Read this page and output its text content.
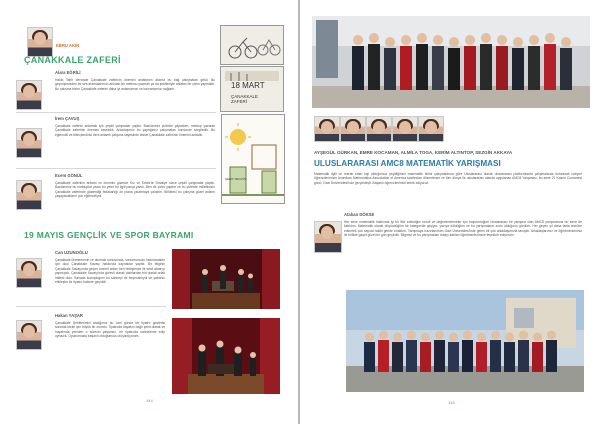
EBRU AKIN
ÇANAKKALE ZAFERİ
Alara EĞRİLİ
Hakkı Tarih dersinde Çanakkale zaferinin önemini anlatırken aklıma bu bağ çalışmaları geldi. Bu geçmişimizden bir ses aramalarımızı ablıdan bir metinsu yazmak ya da şekilleriyle anlatan bir çizim yapmaktı. Bu çalışma bizim Çanakkale zaferini daha iyi anlamamızı ve kavramamızı sağladı.
İrem ÇAVUŞ
Çanakkale zaferini anlamak için çeşitli çalışmalar yaptık. Bazılarımız çizimler yaparken, mektup yazarak Çanakkale zaferinin önemini kavradık. Arkadaşımız bu yaptığımız çalışmaları kordonde sergiledik. Bu eğlenceli ve bilinçlendirici ders anlamlı çalışma sayesinde tekrar Çanakkale zaferinin önemini anladık.
Ecem GÖNÜL
Çanakkale zaferinin anlamı ve önemini güzelce Kız ve Erkek'te Sırtaliye sizce çeşitli çalışmalar yaptık. Bazılarımız bu mektuplar yazdı bu yeter bir ilgili parça yazdı. Ben de çizim yaptım ve bu çizimde millettinizin Çanakkale zaferinde gösterdiği fedakarlığı ön plana çıkarmaya çalıştım. Birlikteki bu çalışma güzel anlamı yaşayacakların çok eğlenceliydi.
18 MART
ÇANAKKALE ZAFERİ
ŞEHİT MEVZİSİ
19 MAYIS GENÇLİK VE SPOR BAYRAMI
Can UZUNOĞLU
Çanakkale iletmemenin ve okumak konusunda, sunumumuzu hazırlamaktır için okul Çanakkale Savaşı hakkında kaynaklar yaptık. Bir bilginin Çanakkale Savaşı'nda geçen önemli anları ben birleşimize ilk sesli aktarıyı yapmıştık. Çanakkale Savaşı'nda görevli olarak olanlardan biri olarak ortak hallesi oldu. Sahada konuştuğum bu sahneyi de heyecanlıydı ve yabancı etkileşim bir tiyatro halinde geçirildi.
Hakan YAŞAR
Çanakkale Şehitlerimizi andığımız bu özel günde bir tiyatro gösterisi sunmak bizim için büyük bir onurdu. Tiyatroda hayatını bağlı şehit olarak ve hayatında yeniden o sürecin yaşamını, bir tiyatroda sahneleme edip oynadık. Oyunumuzla başarılı olduğumuzu düşünüyorum.
144
AYŞEGÜL GÜRKAN, EMRE KOCAMAN, ALMİLA TOGA, KERİM ALTINTOP, SEZGİN AKKAYA
ULUSLARARASI AMC8 MATEMATİK YARIŞMASI
Matematik ilgili ve merak eden kişi olduğumuz çeşitliğimizi matematik bilimi çalışmalarına göre Uluslararası olarak uluslararası platformlarda çalışmalarda bulunmak isteyen öğrencilerimizin Amerikan Mathematics Association of America tarafından düzenlenen ve tüm dünya ile uluslararası alanda uygulanan AMC8 Yarışması, bu sene 21 Kasım Cumartesi günü, Gazi Üniversitesi'nde gerçekleşti. Başarılı öğrencilerimizi tebrik ediyoruz.
Atahan DÖKSE
Her sene matematik hakkında iyi bir fikir edindiğim kendi ve değerlendirmeler için başvurduğum uluslararası bir yarışma olan AMC8 yarışmasına bu sene de katıldım. Matematik olarak düşündüğüm bir kategoride geçiyor, yazıya döktüğüm ve bu yarışmaların zorlu olduğunu gördüm. Her geçen yıl daha fazla tecrübe edinerek çok sayıda rakibi geride bıraktım. Yarışmaya hazırlanırken Gazi Üniversitesi'nde gelen bir çok arkadaşımızla tanıştık. Arkadaşlarımız ve öğretmenlerimiz ile birlikte gayet güzel bir gün geçirdik. Bilgimiz ve bu yarışmadan dolayı katılan öğretmenlerimize teşekkür ediyorum.
145
